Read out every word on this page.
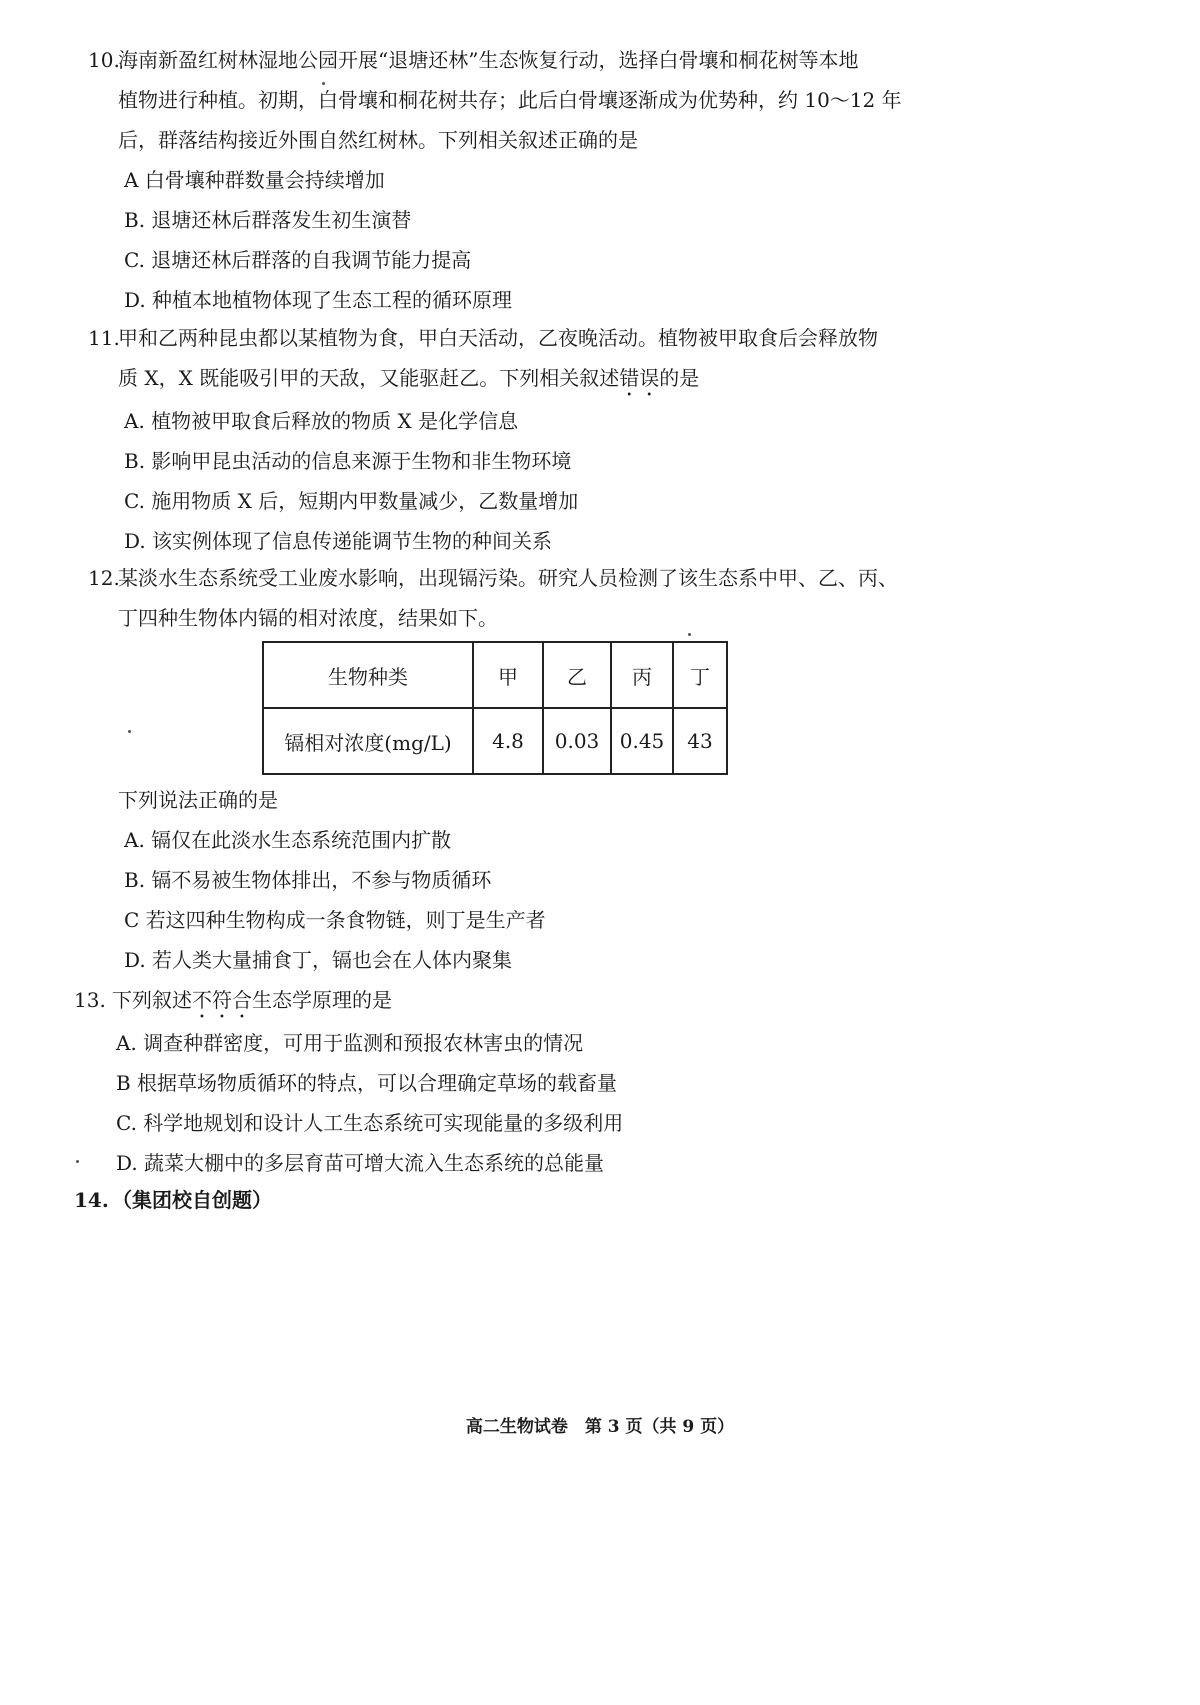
10.海南新盈红树林湿地公园开展“退塘还林”生态恢复行动，选择白骨壤和桐花树等本地
植物进行种植。初期，白骨壤和桐花树共存；此后白骨壤逐渐成为优势种，约 10～12 年
后，群落结构接近外围自然红树林。下列相关叙述正确的是
A 白骨壤种群数量会持续增加
B. 退塘还林后群落发生初生演替
C. 退塘还林后群落的自我调节能力提高
D. 种植本地植物体现了生态工程的循环原理
11.甲和乙两种昆虫都以某植物为食，甲白天活动，乙夜晚活动。植物被甲取食后会释放物
质 X，X 既能吸引甲的天敌，又能驱赶乙。下列相关叙述错误的是
A. 植物被甲取食后释放的物质 X 是化学信息
B. 影响甲昆虫活动的信息来源于生物和非生物环境
C. 施用物质 X 后，短期内甲数量减少，乙数量增加
D. 该实例体现了信息传递能调节生物的种间关系
12.某淡水生态系统受工业废水影响，出现镉污染。研究人员检测了该生态系中甲、乙、丙、
丁四种生物体内镉的相对浓度，结果如下。
生物种类	甲	乙	丙	丁
镉相对浓度(mg/L)	4.8	0.03	0.45	43
下列说法正确的是
A. 镉仅在此淡水生态系统范围内扩散
B. 镉不易被生物体排出，不参与物质循环
C 若这四种生物构成一条食物链，则丁是生产者
D. 若人类大量捕食丁，镉也会在人体内聚集
13. 下列叙述不符合生态学原理的是
A. 调查种群密度，可用于监测和预报农林害虫的情况
B 根据草场物质循环的特点，可以合理确定草场的载畜量
C. 科学地规划和设计人工生态系统可实现能量的多级利用
D. 蔬菜大棚中的多层育苗可增大流入生态系统的总能量
14. （集团校自创题）
高二生物试卷　第 3 页（共 9 页）
